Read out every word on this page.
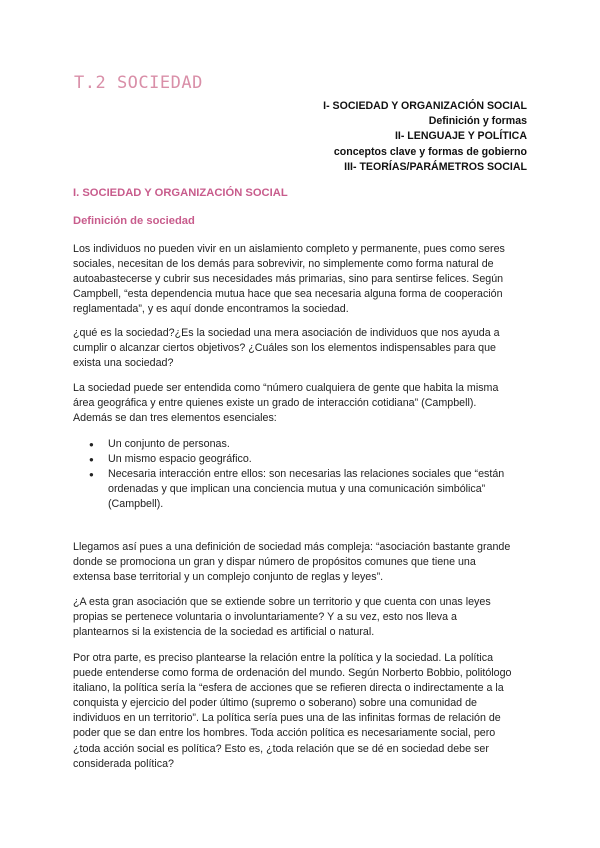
T.2 SOCIEDAD
I- SOCIEDAD Y ORGANIZACIÓN SOCIAL
Definición y formas
II- LENGUAJE Y POLÍTICA
conceptos clave y formas de gobierno
III- TEORÍAS/PARÁMETROS SOCIAL
I. SOCIEDAD Y ORGANIZACIÓN SOCIAL
Definición de sociedad

Los individuos no pueden vivir en un aislamiento completo y permanente, pues como seres
sociales, necesitan de los demás para sobrevivir, no simplemente como forma natural de
autoabastecerse y cubrir sus necesidades más primarias, sino para sentirse felices. Según
Campbell, “esta dependencia mutua hace que sea necesaria alguna forma de cooperación
reglamentada”, y es aquí donde encontramos la sociedad.

¿qué es la sociedad?¿Es la sociedad una mera asociación de individuos que nos ayuda a
cumplir o alcanzar ciertos objetivos? ¿Cuáles son los elementos indispensables para que
exista una sociedad?

La sociedad puede ser entendida como “número cualquiera de gente que habita la misma
área geográfica y entre quienes existe un grado de interacción cotidiana” (Campbell).
Además se dan tres elementos esenciales:

● Un conjunto de personas.
● Un mismo espacio geográfico.
● Necesaria interacción entre ellos: son necesarias las relaciones sociales que “están
ordenadas y que implican una conciencia mutua y una comunicación simbólica”
(Campbell).

Llegamos así pues a una definición de sociedad más compleja: “asociación bastante grande
donde se promociona un gran y dispar número de propósitos comunes que tiene una
extensa base territorial y un complejo conjunto de reglas y leyes”.

¿A esta gran asociación que se extiende sobre un territorio y que cuenta con unas leyes
propias se pertenece voluntaria o involuntariamente? Y a su vez, esto nos lleva a
plantearnos si la existencia de la sociedad es artificial o natural.

Por otra parte, es preciso plantearse la relación entre la política y la sociedad. La política
puede entenderse como forma de ordenación del mundo. Según Norberto Bobbio, politólogo
italiano, la política sería la “esfera de acciones que se refieren directa o indirectamente a la
conquista y ejercicio del poder último (supremo o soberano) sobre una comunidad de
individuos en un territorio”. La política sería pues una de las infinitas formas de relación de
poder que se dan entre los hombres. Toda acción política es necesariamente social, pero
¿toda acción social es política? Esto es, ¿toda relación que se dé en sociedad debe ser
considerada política?
